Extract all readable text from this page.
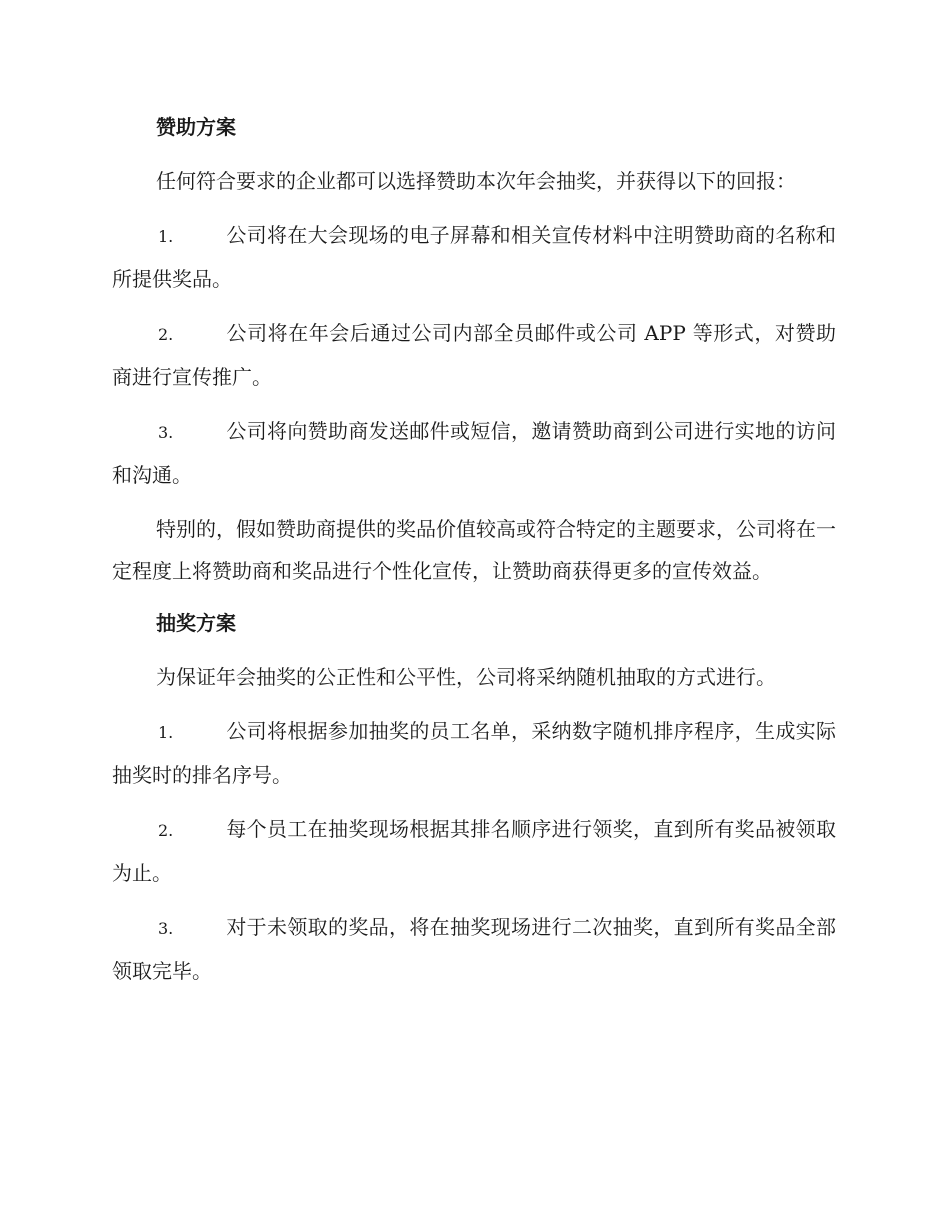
赞助方案
任何符合要求的企业都可以选择赞助本次年会抽奖，并获得以下的回报：
1.	公司将在大会现场的电子屏幕和相关宣传材料中注明赞助商的名称和所提供奖品。
2.	公司将在年会后通过公司内部全员邮件或公司 APP 等形式，对赞助商进行宣传推广。
3.	公司将向赞助商发送邮件或短信，邀请赞助商到公司进行实地的访问和沟通。
特别的，假如赞助商提供的奖品价值较高或符合特定的主题要求，公司将在一定程度上将赞助商和奖品进行个性化宣传，让赞助商获得更多的宣传效益。
抽奖方案
为保证年会抽奖的公正性和公平性，公司将采纳随机抽取的方式进行。
1.	公司将根据参加抽奖的员工名单，采纳数字随机排序程序，生成实际抽奖时的排名序号。
2.	每个员工在抽奖现场根据其排名顺序进行领奖，直到所有奖品被领取为止。
3.	对于未领取的奖品，将在抽奖现场进行二次抽奖，直到所有奖品全部领取完毕。
